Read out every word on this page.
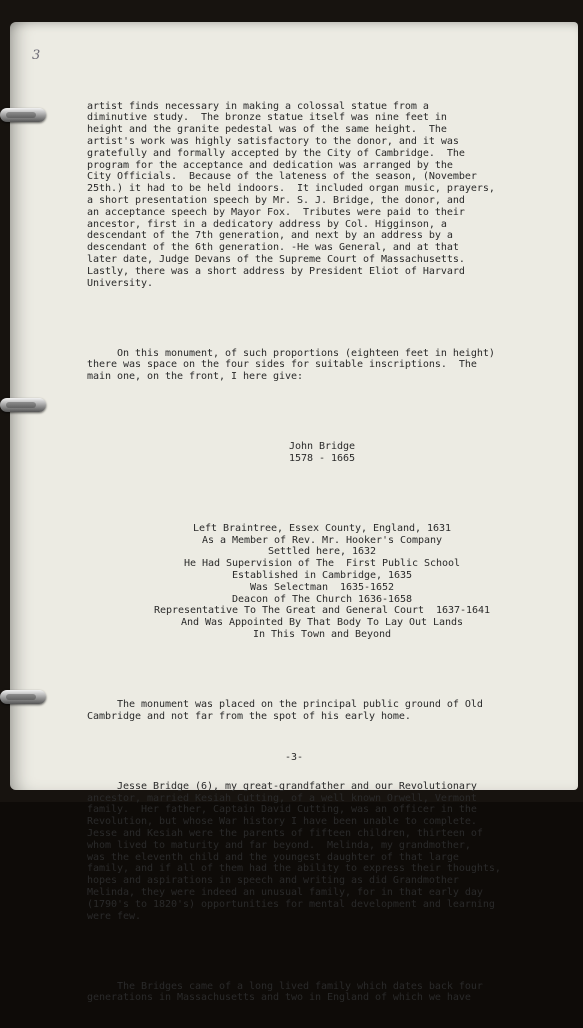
3

artist finds necessary in making a colossal statue from a
diminutive study.  The bronze statue itself was nine feet in
height and the granite pedestal was of the same height.  The
artist's work was highly satisfactory to the donor, and it was
gratefully and formally accepted by the City of Cambridge.  The
program for the acceptance and dedication was arranged by the
City Officials.  Because of the lateness of the season, (November
25th.) it had to be held indoors.  It included organ music, prayers,
a short presentation speech by Mr. S. J. Bridge, the donor, and
an acceptance speech by Mayor Fox.  Tributes were paid to their
ancestor, first in a dedicatory address by Col. Higginson, a
descendant of the 7th generation, and next by an address by a
descendant of the 6th generation. -He was General, and at that
later date, Judge Devans of the Supreme Court of Massachusetts.
Lastly, there was a short address by President Eliot of Harvard
University.

On this monument, of such proportions (eighteen feet in height)
there was space on the four sides for suitable inscriptions.  The
main one, on the front, I here give:

John Bridge
1578 - 1665

Left Braintree, Essex County, England, 1631
As a Member of Rev. Mr. Hooker's Company
Settled here, 1632
He Had Supervision of The  First Public School
Established in Cambridge, 1635
Was Selectman  1635-1652
Deacon of The Church 1636-1658
Representative To The Great and General Court  1637-1641
And Was Appointed By That Body To Lay Out Lands
In This Town and Beyond

The monument was placed on the principal public ground of Old
Cambridge and not far from the spot of his early home.

Jesse Bridge (6), my great-grandfather and our Revolutionary
ancestor, married Kesiah Cutting, of a well known Orwell, Vermont
family.  Her father, Captain David Cutting, was an officer in the
Revolution, but whose War history I have been unable to complete.
Jesse and Kesiah were the parents of fifteen children, thirteen of
whom lived to maturity and far beyond.  Melinda, my grandmother,
was the eleventh child and the youngest daughter of that large
family, and if all of them had the ability to express their thoughts,
hopes and aspirations in speech and writing as did Grandmother
Melinda, they were indeed an unusual family, for in that early day
(1790's to 1820's) opportunities for mental development and learning
were few.

The Bridges came of a long lived family which dates back four
generations in Massachusetts and two in England of which we have

-3-
